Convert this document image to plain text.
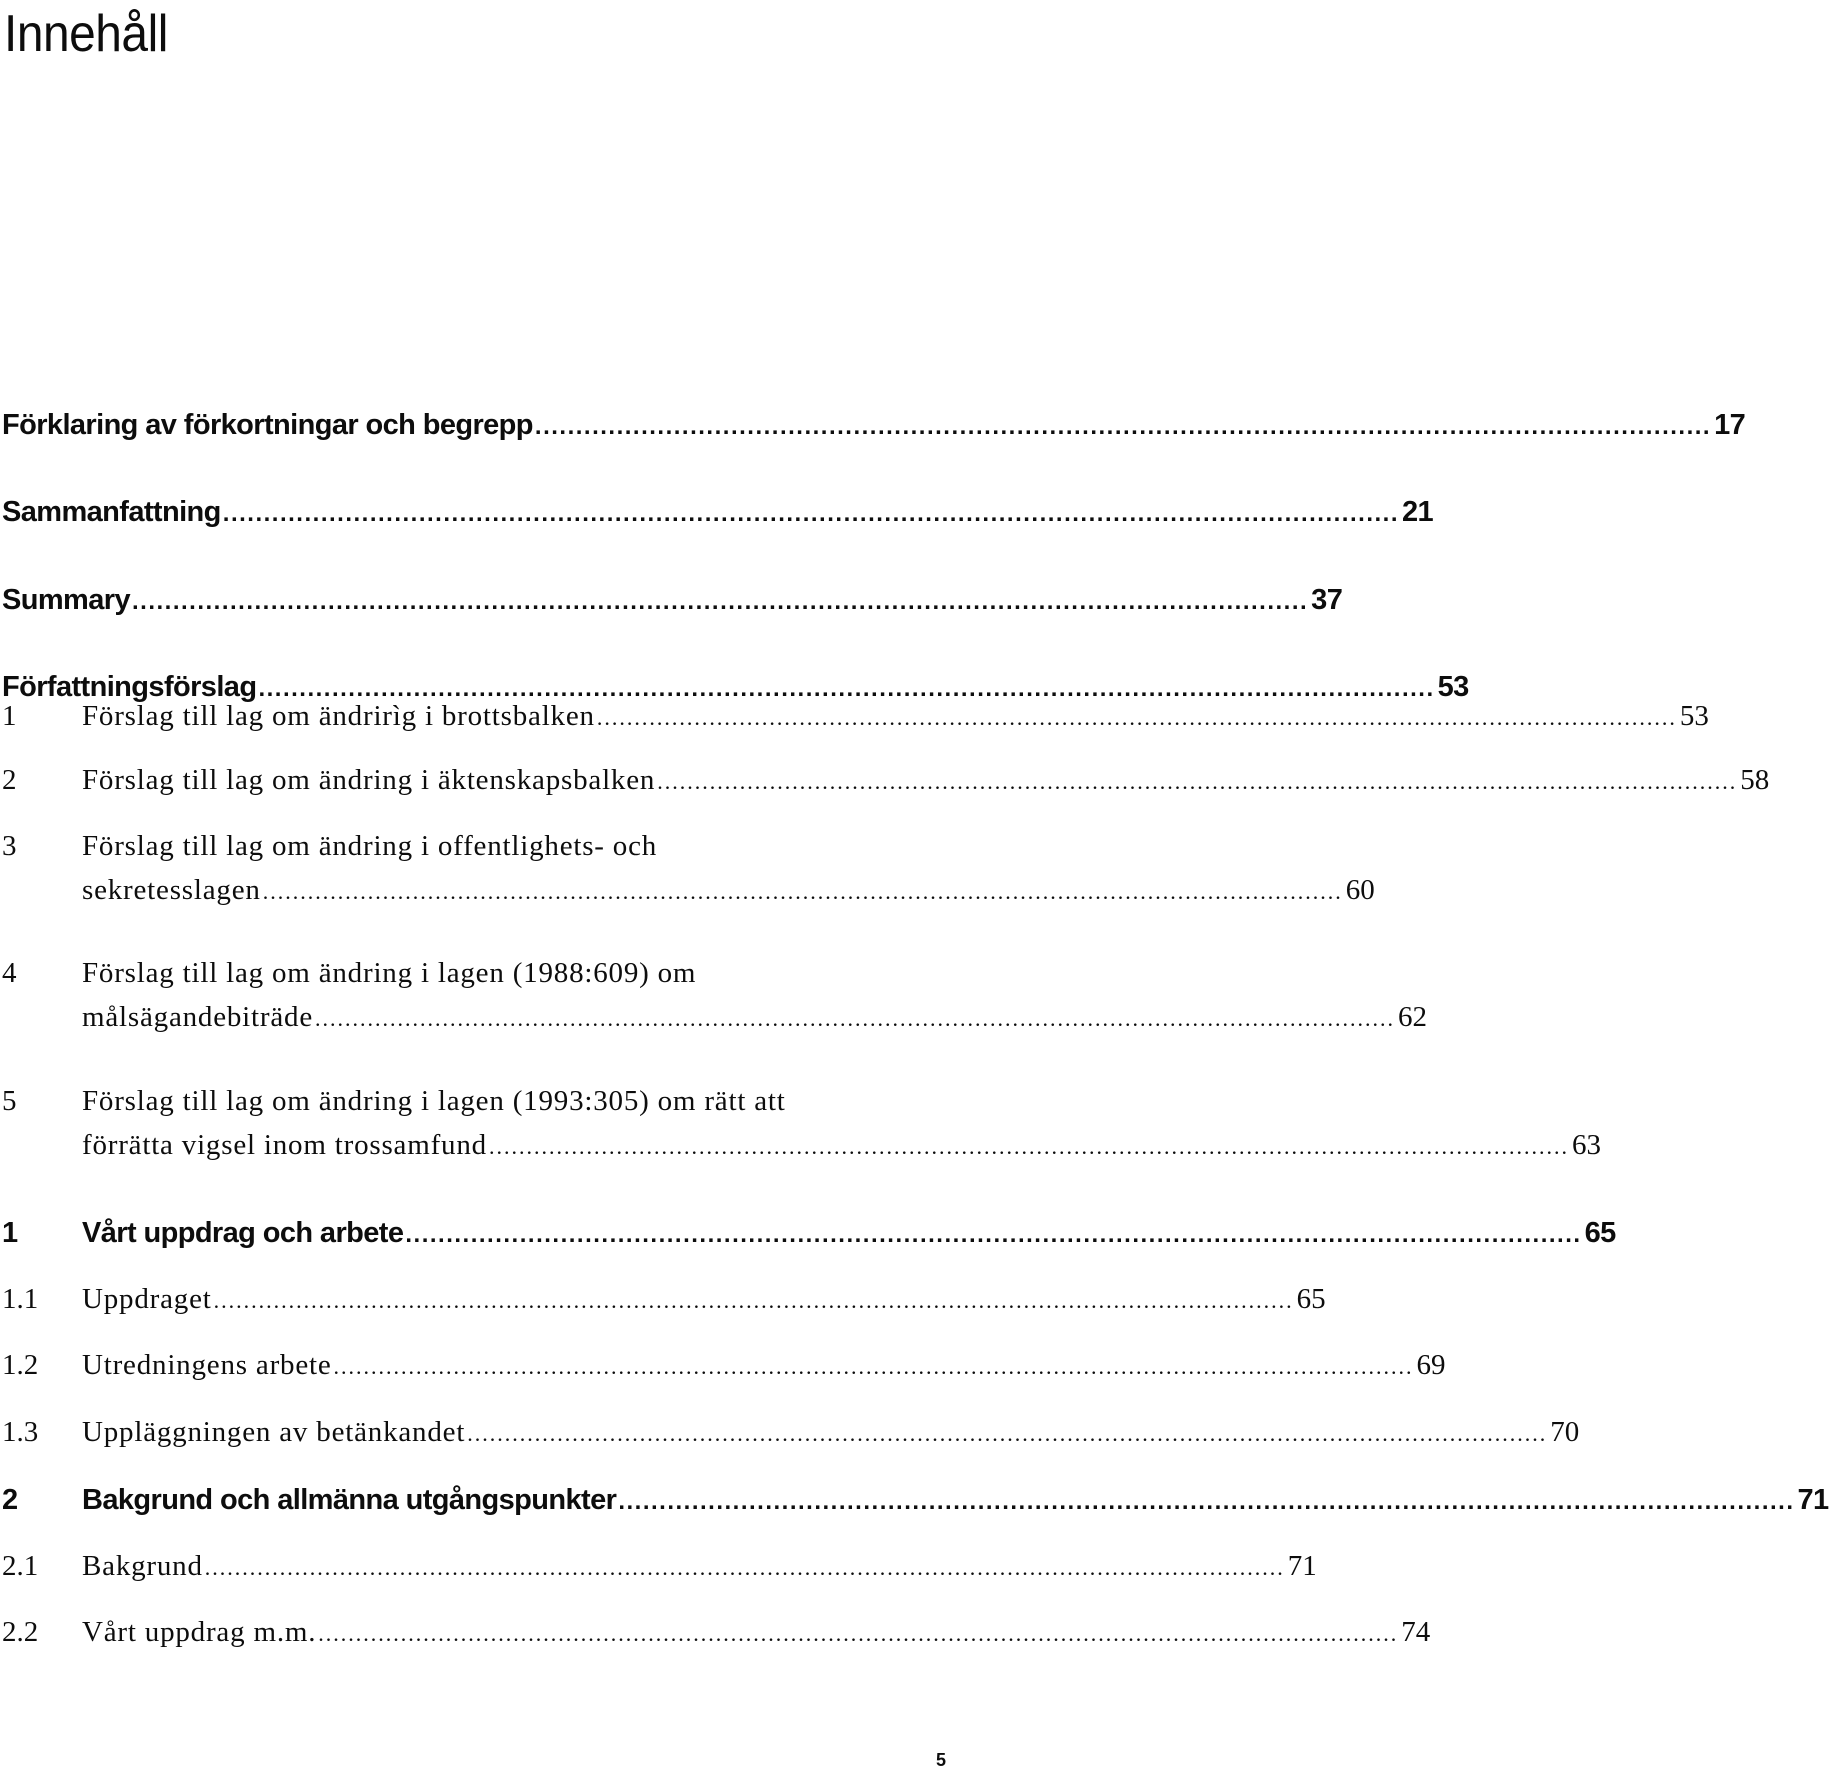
Innehåll
Förklaring av förkortningar och begrepp ................................................................................................................................................ 17
Sammanfattning ................................................................................................................................................ 21
Summary ................................................................................................................................................ 37
Författningsförslag ................................................................................................................................................ 53
1 Förslag till lag om ändrirìg i brottsbalken ................................................................................................................................................ 53
2 Förslag till lag om ändring i äktenskapsbalken ................................................................................................................................................ 58
3 Förslag till lag om ändring i offentlighets- och
sekretesslagen ................................................................................................................................................ 60
4 Förslag till lag om ändring i lagen (1988:609) om
målsägandebiträde ................................................................................................................................................ 62
5 Förslag till lag om ändring i lagen (1993:305) om rätt att
förrätta vigsel inom trossamfund ................................................................................................................................................ 63
1 Vårt uppdrag och arbete ................................................................................................................................................ 65
1.1 Uppdraget ................................................................................................................................................ 65
1.2 Utredningens arbete ................................................................................................................................................ 69
1.3 Uppläggningen av betänkandet ................................................................................................................................................ 70
2 Bakgrund och allmänna utgångspunkter ................................................................................................................................................ 71
2.1 Bakgrund ................................................................................................................................................ 71
2.2 Vårt uppdrag m.m. ................................................................................................................................................ 74
5
